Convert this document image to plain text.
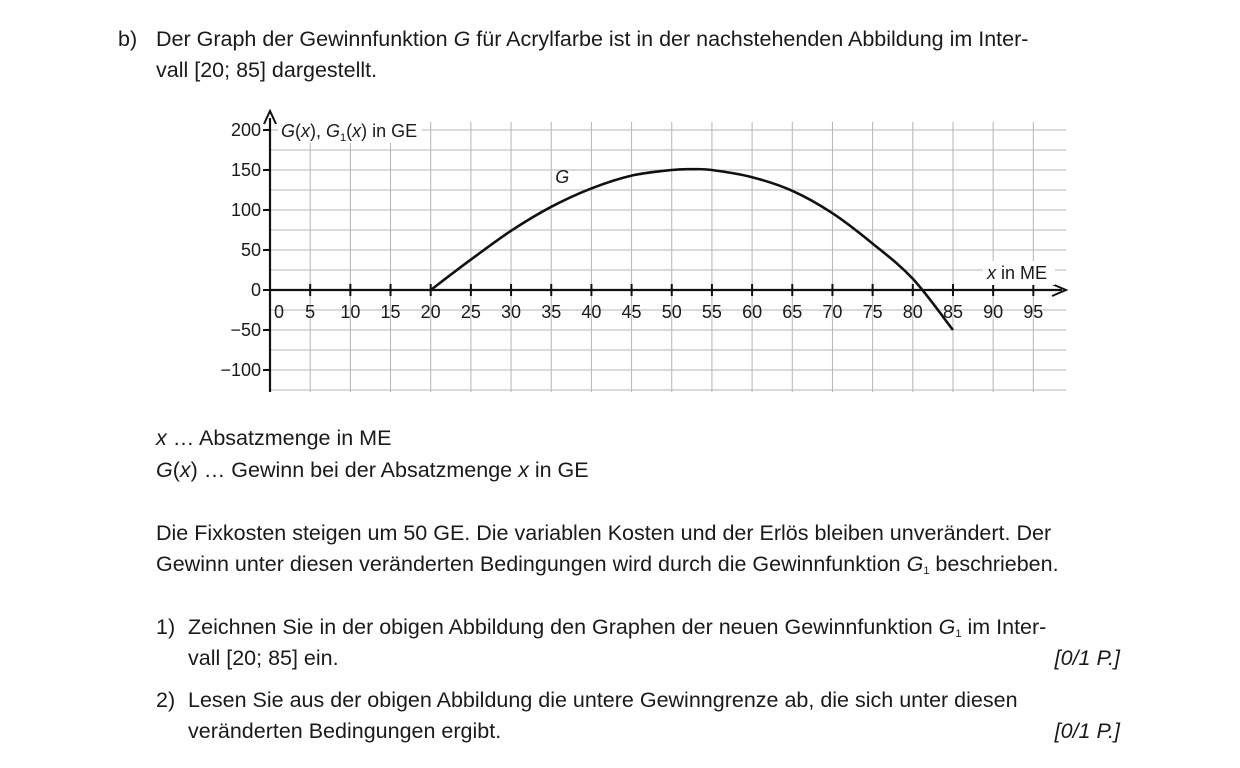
b) Der Graph der Gewinnfunktion G für Acrylfarbe ist in der nachstehenden Abbildung im Inter-
vall [20; 85] dargestellt.
200
150
100
50
0
−50
−100
0 5 10 15 20 25 30 35 40 45 50 55 60 65 70 75 80 85 90 95
G
G(x), $G_1(x)$ in GE
x in ME
x … Absatzmenge in ME
G(x) … Gewinn bei der Absatzmenge x in GE
Die Fixkosten steigen um 50 GE. Die variablen Kosten und der Erlös bleiben unverändert. Der
Gewinn unter diesen veränderten Bedingungen wird durch die Gewinnfunktion $G_1$ beschrieben.
1) Zeichnen Sie in der obigen Abbildung den Graphen der neuen Gewinnfunktion $G_1$ im Inter-
vall [20; 85] ein.	[0/1 P.]
2) Lesen Sie aus der obigen Abbildung die untere Gewinngrenze ab, die sich unter diesen
veränderten Bedingungen ergibt.	[0/1 P.]
